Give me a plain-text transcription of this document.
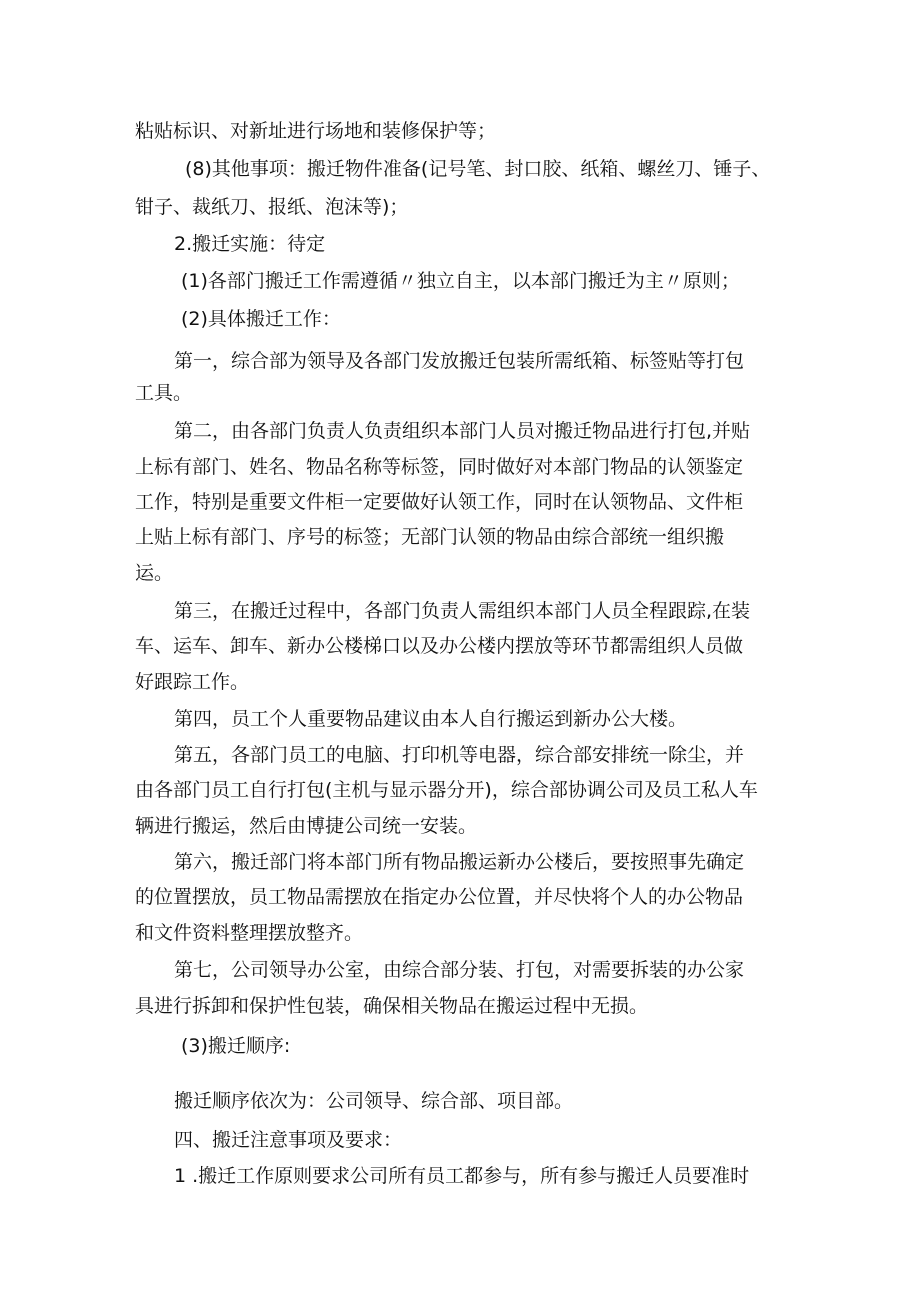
粘贴标识、对新址进行场地和装修保护等；
(8)其他事项：搬迁物件准备(记号笔、封口胶、纸箱、螺丝刀、锤子、
钳子、裁纸刀、报纸、泡沫等)；
2.搬迁实施：待定
(1)各部门搬迁工作需遵循〃独立自主，以本部门搬迁为主〃原则；
(2)具体搬迁工作：
第一，综合部为领导及各部门发放搬迁包装所需纸箱、标签贴等打包
工具。
第二，由各部门负责人负责组织本部门人员对搬迁物品进行打包,并贴
上标有部门、姓名、物品名称等标签，同时做好对本部门物品的认领鉴定
工作，特别是重要文件柜一定要做好认领工作，同时在认领物品、文件柜
上贴上标有部门、序号的标签；无部门认领的物品由综合部统一组织搬
运。
第三，在搬迁过程中，各部门负责人需组织本部门人员全程跟踪,在装
车、运车、卸车、新办公楼梯口以及办公楼内摆放等环节都需组织人员做
好跟踪工作。
第四，员工个人重要物品建议由本人自行搬运到新办公大楼。
第五，各部门员工的电脑、打印机等电器，综合部安排统一除尘，并
由各部门员工自行打包(主机与显示器分开)，综合部协调公司及员工私人车
辆进行搬运，然后由博捷公司统一安装。
第六，搬迁部门将本部门所有物品搬运新办公楼后，要按照事先确定
的位置摆放，员工物品需摆放在指定办公位置，并尽快将个人的办公物品
和文件资料整理摆放整齐。
第七，公司领导办公室，由综合部分装、打包，对需要拆装的办公家
具进行拆卸和保护性包装，确保相关物品在搬运过程中无损。
(3)搬迁顺序:
搬迁顺序依次为：公司领导、综合部、项目部。
四、搬迁注意事项及要求：
1 .搬迁工作原则要求公司所有员工都参与，所有参与搬迁人员要准时
